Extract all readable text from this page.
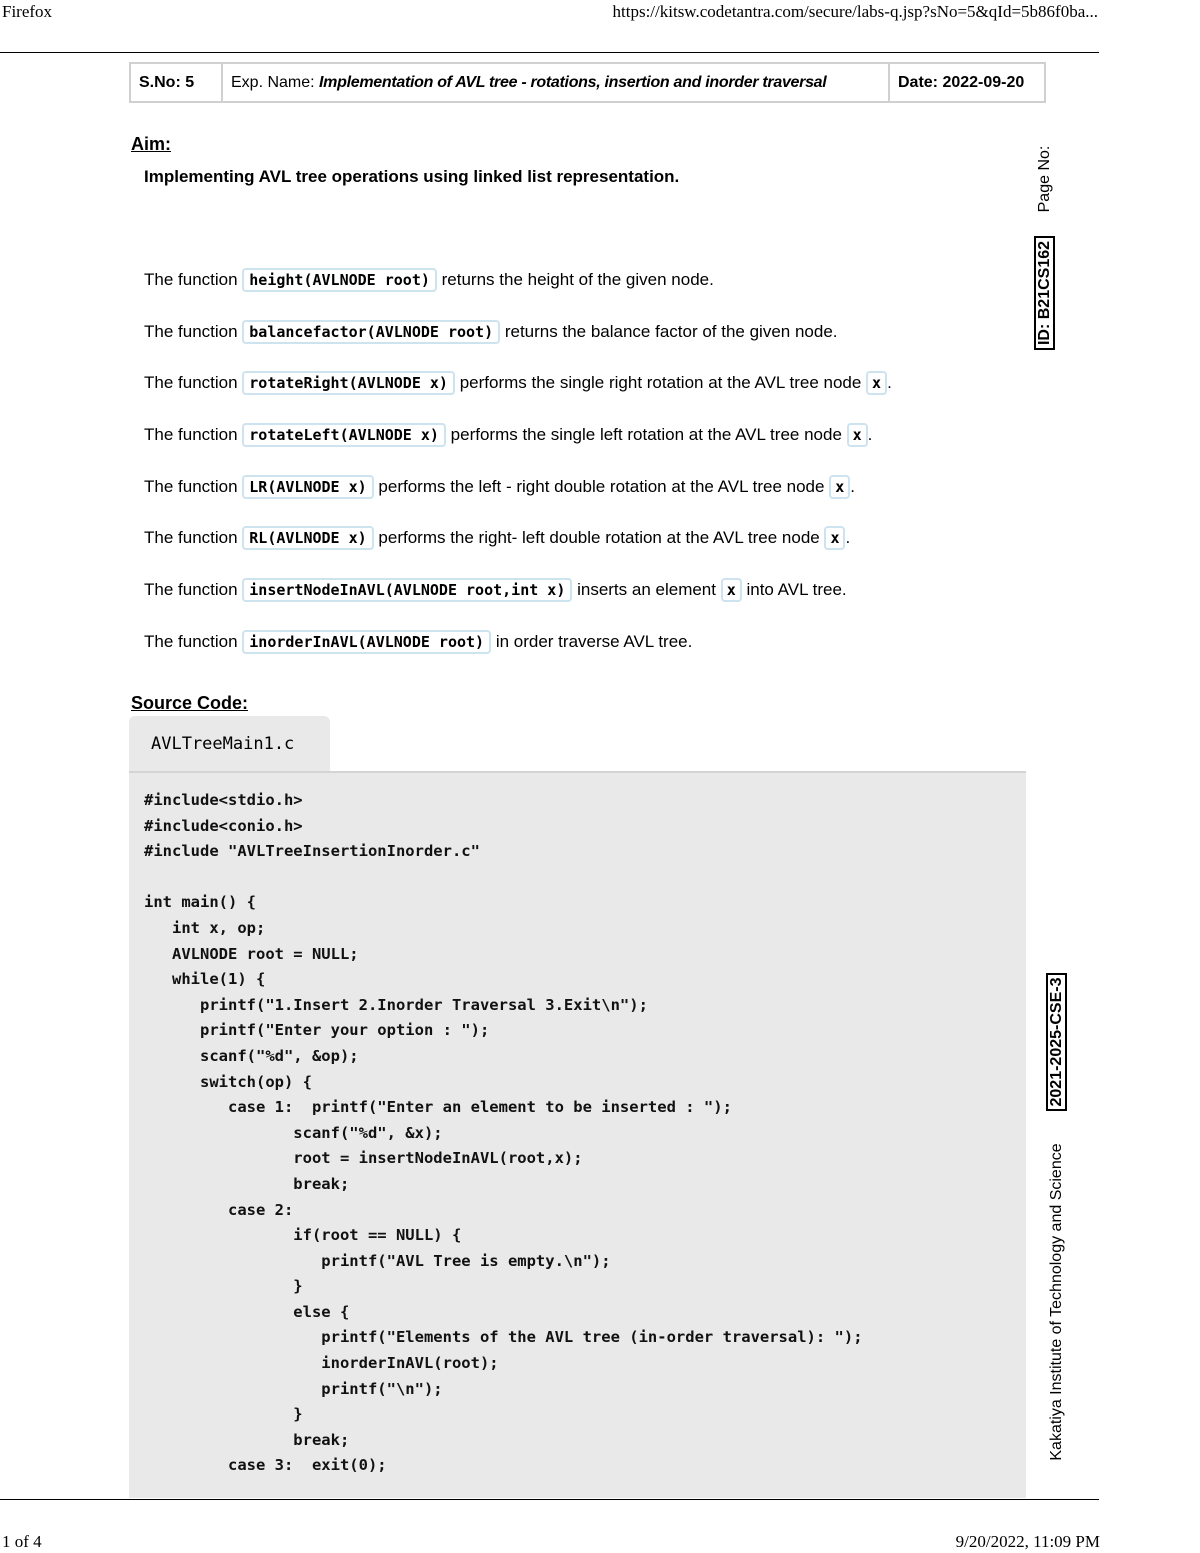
Firefox	https://kitsw.codetantra.com/secure/labs-q.jsp?sNo=5&qId=5b86f0ba...
S.No: 5	Exp. Name: Implementation of AVL tree - rotations, insertion and inorder traversal	Date: 2022-09-20
Aim:
Implementing AVL tree operations using linked list representation.
The function height(AVLNODE root) returns the height of the given node.
The function balancefactor(AVLNODE root) returns the balance factor of the given node.
The function rotateRight(AVLNODE x) performs the single right rotation at the AVL tree node x .
The function rotateLeft(AVLNODE x) performs the single left rotation at the AVL tree node x .
The function LR(AVLNODE x) performs the left - right double rotation at the AVL tree node x .
The function RL(AVLNODE x) performs the right- left double rotation at the AVL tree node x .
The function insertNodeInAVL(AVLNODE root,int x) inserts an element x into AVL tree.
The function inorderInAVL(AVLNODE root) in order traverse AVL tree.
Source Code:
AVLTreeMain1.c
#include<stdio.h>
#include<conio.h>
#include "AVLTreeInsertionInorder.c"

int main() {
int x, op;
AVLNODE root = NULL;
while(1) {
printf("1.Insert 2.Inorder Traversal 3.Exit\n");
printf("Enter your option : ");
scanf("%d", &op);
switch(op) {
case 1:  printf("Enter an element to be inserted : ");
scanf("%d", &x);
root = insertNodeInAVL(root,x);
break;
case 2:
if(root == NULL) {
printf("AVL Tree is empty.\n");
}
else {
printf("Elements of the AVL tree (in-order traversal): ");
inorderInAVL(root);
printf("\n");
}
break;
case 3:  exit(0);
Page No:
ID: B21CS162
2021-2025-CSE-3
Kakatiya Institute of Technology and Science
1 of 4	9/20/2022, 11:09 PM
